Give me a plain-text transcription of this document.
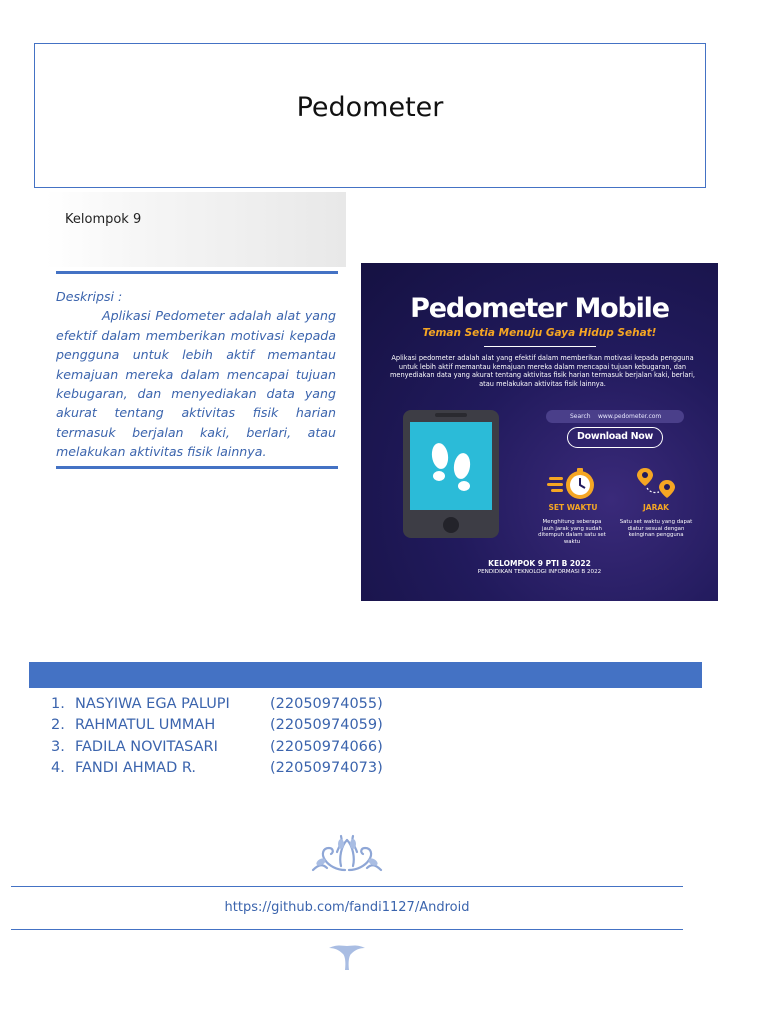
Pedometer
Kelompok 9
Deskripsi :
Aplikasi Pedometer adalah alat yang efektif dalam memberikan motivasi kepada pengguna untuk lebih aktif memantau kemajuan mereka dalam mencapai tujuan kebugaran, dan menyediakan data yang akurat tentang aktivitas fisik harian termasuk berjalan kaki, berlari, atau melakukan aktivitas fisik lainnya.
Pedometer Mobile
Teman Setia Menuju Gaya Hidup Sehat!
Aplikasi pedometer adalah alat yang efektif dalam memberikan motivasi kepada pengguna untuk lebih aktif memantau kemajuan mereka dalam mencapai tujuan kebugaran, dan menyediakan data yang akurat tentang aktivitas fisik harian termasuk berjalan kaki, berlari, atau melakukan aktivitas fisik lainnya.
Search www.pedometer.com
Download Now
SET WAKTU
Menghitung seberapa jauh jarak yang sudah ditempuh dalam satu set waktu
JARAK
Satu set waktu yang dapat diatur sesuai dengan keinginan pengguna
KELOMPOK 9 PTI B 2022
PENDIDIKAN TEKNOLOGI INFORMASI B 2022
1. NASYIWA EGA PALUPI	(22050974055)
2. RAHMATUL UMMAH	(22050974059)
3. FADILA NOVITASARI	(22050974066)
4. FANDI AHMAD R.	(22050974073)
https://github.com/fandi1127/Android
